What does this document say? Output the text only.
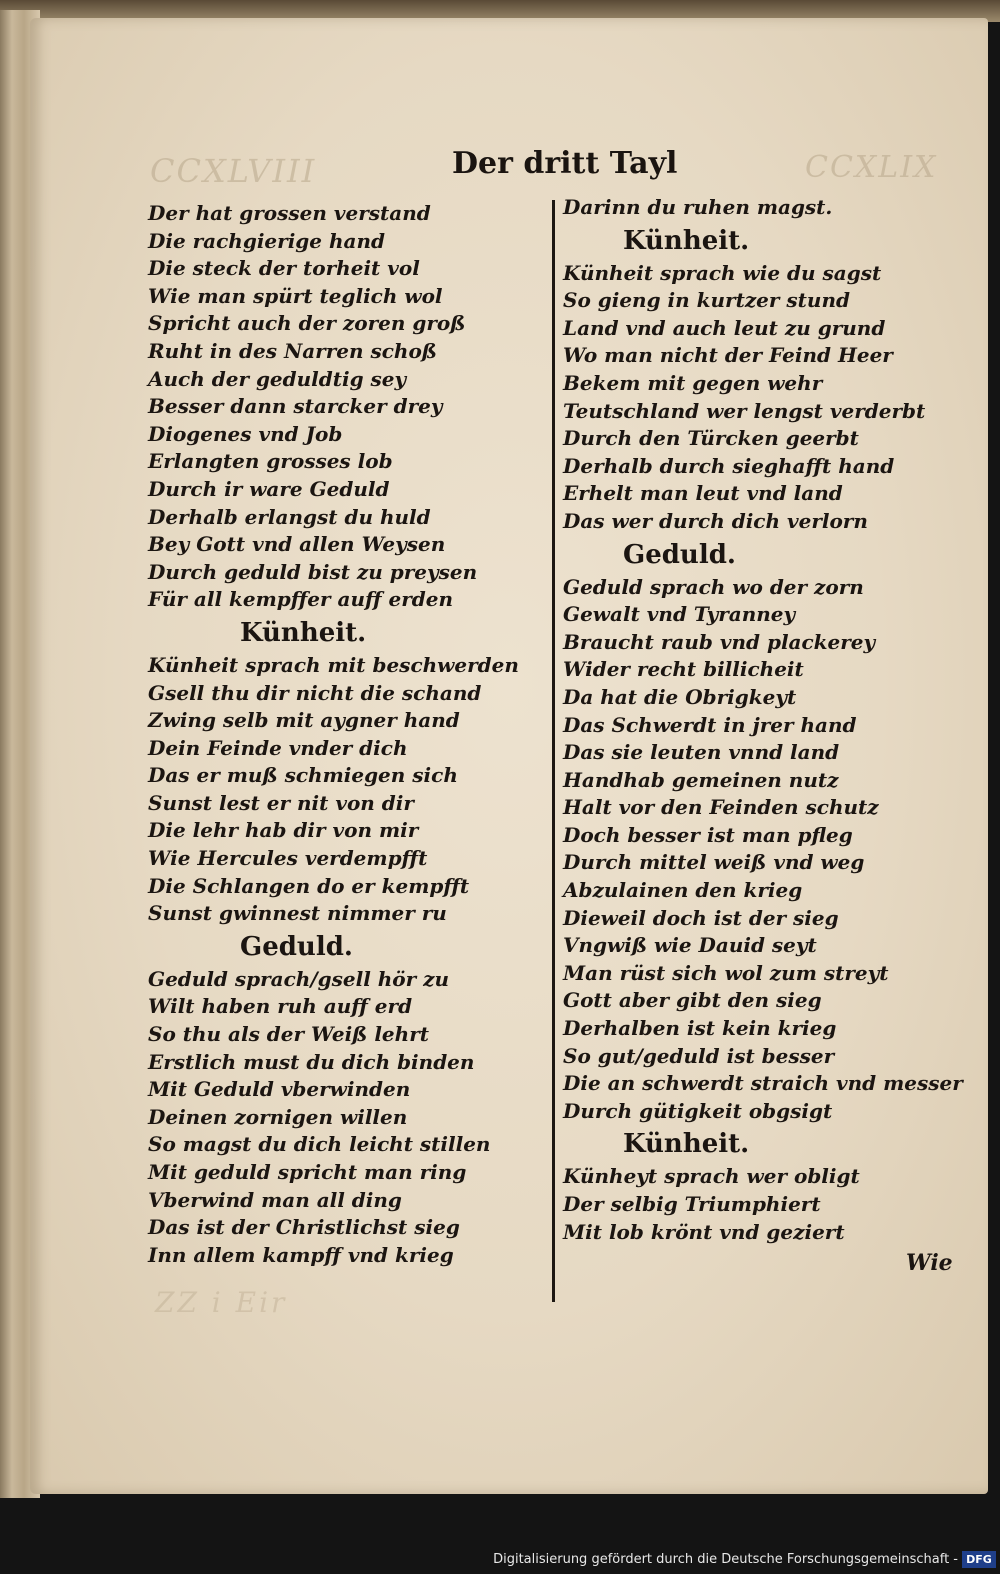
CCXLVIII	CCXLIX
ZZ i Eir
Der dritt Tayl
Der hat grossen verstand
Die rachgierige hand
Die steck der torheit vol
Wie man spürt teglich wol
Spricht auch der zoren groß
Ruht in des Narren schoß
Auch der geduldtig sey
Besser dann starcker drey
Diogenes vnd Job
Erlangten grosses lob
Durch ir ware Geduld
Derhalb erlangst du huld
Bey Gott vnd allen Weysen
Durch geduld bist zu preysen
Für all kempffer auff erden
Künheit.
Künheit sprach mit beschwerden
Gsell thu dir nicht die schand
Zwing selb mit aygner hand
Dein Feinde vnder dich
Das er muß schmiegen sich
Sunst lest er nit von dir
Die lehr hab dir von mir
Wie Hercules verdempfft
Die Schlangen do er kempfft
Sunst gwinnest nimmer ru
Geduld.
Geduld sprach/gsell hör zu
Wilt haben ruh auff erd
So thu als der Weiß lehrt
Erstlich must du dich binden
Mit Geduld vberwinden
Deinen zornigen willen
So magst du dich leicht stillen
Mit geduld spricht man ring
Vberwind man all ding
Das ist der Christlichst sieg
Inn allem kampff vnd krieg
Darinn du ruhen magst.
Künheit.
Künheit sprach wie du sagst
So gieng in kurtzer stund
Land vnd auch leut zu grund
Wo man nicht der Feind Heer
Bekem mit gegen wehr
Teutschland wer lengst verderbt
Durch den Türcken geerbt
Derhalb durch sieghafft hand
Erhelt man leut vnd land
Das wer durch dich verlorn
Geduld.
Geduld sprach wo der zorn
Gewalt vnd Tyranney
Braucht raub vnd plackerey
Wider recht billicheit
Da hat die Obrigkeyt
Das Schwerdt in jrer hand
Das sie leuten vnnd land
Handhab gemeinen nutz
Halt vor den Feinden schutz
Doch besser ist man pfleg
Durch mittel weiß vnd weg
Abzulainen den krieg
Dieweil doch ist der sieg
Vngwiß wie Dauid seyt
Man rüst sich wol zum streyt
Gott aber gibt den sieg
Derhalben ist kein krieg
So gut/geduld ist besser
Die an schwerdt straich vnd messer
Durch gütigkeit obgsigt
Künheit.
Künheyt sprach wer obligt
Der selbig Triumphiert
Mit lob krönt vnd geziert
Wie
Digitalisierung gefördert durch die Deutsche Forschungsgemeinschaft - DFG
